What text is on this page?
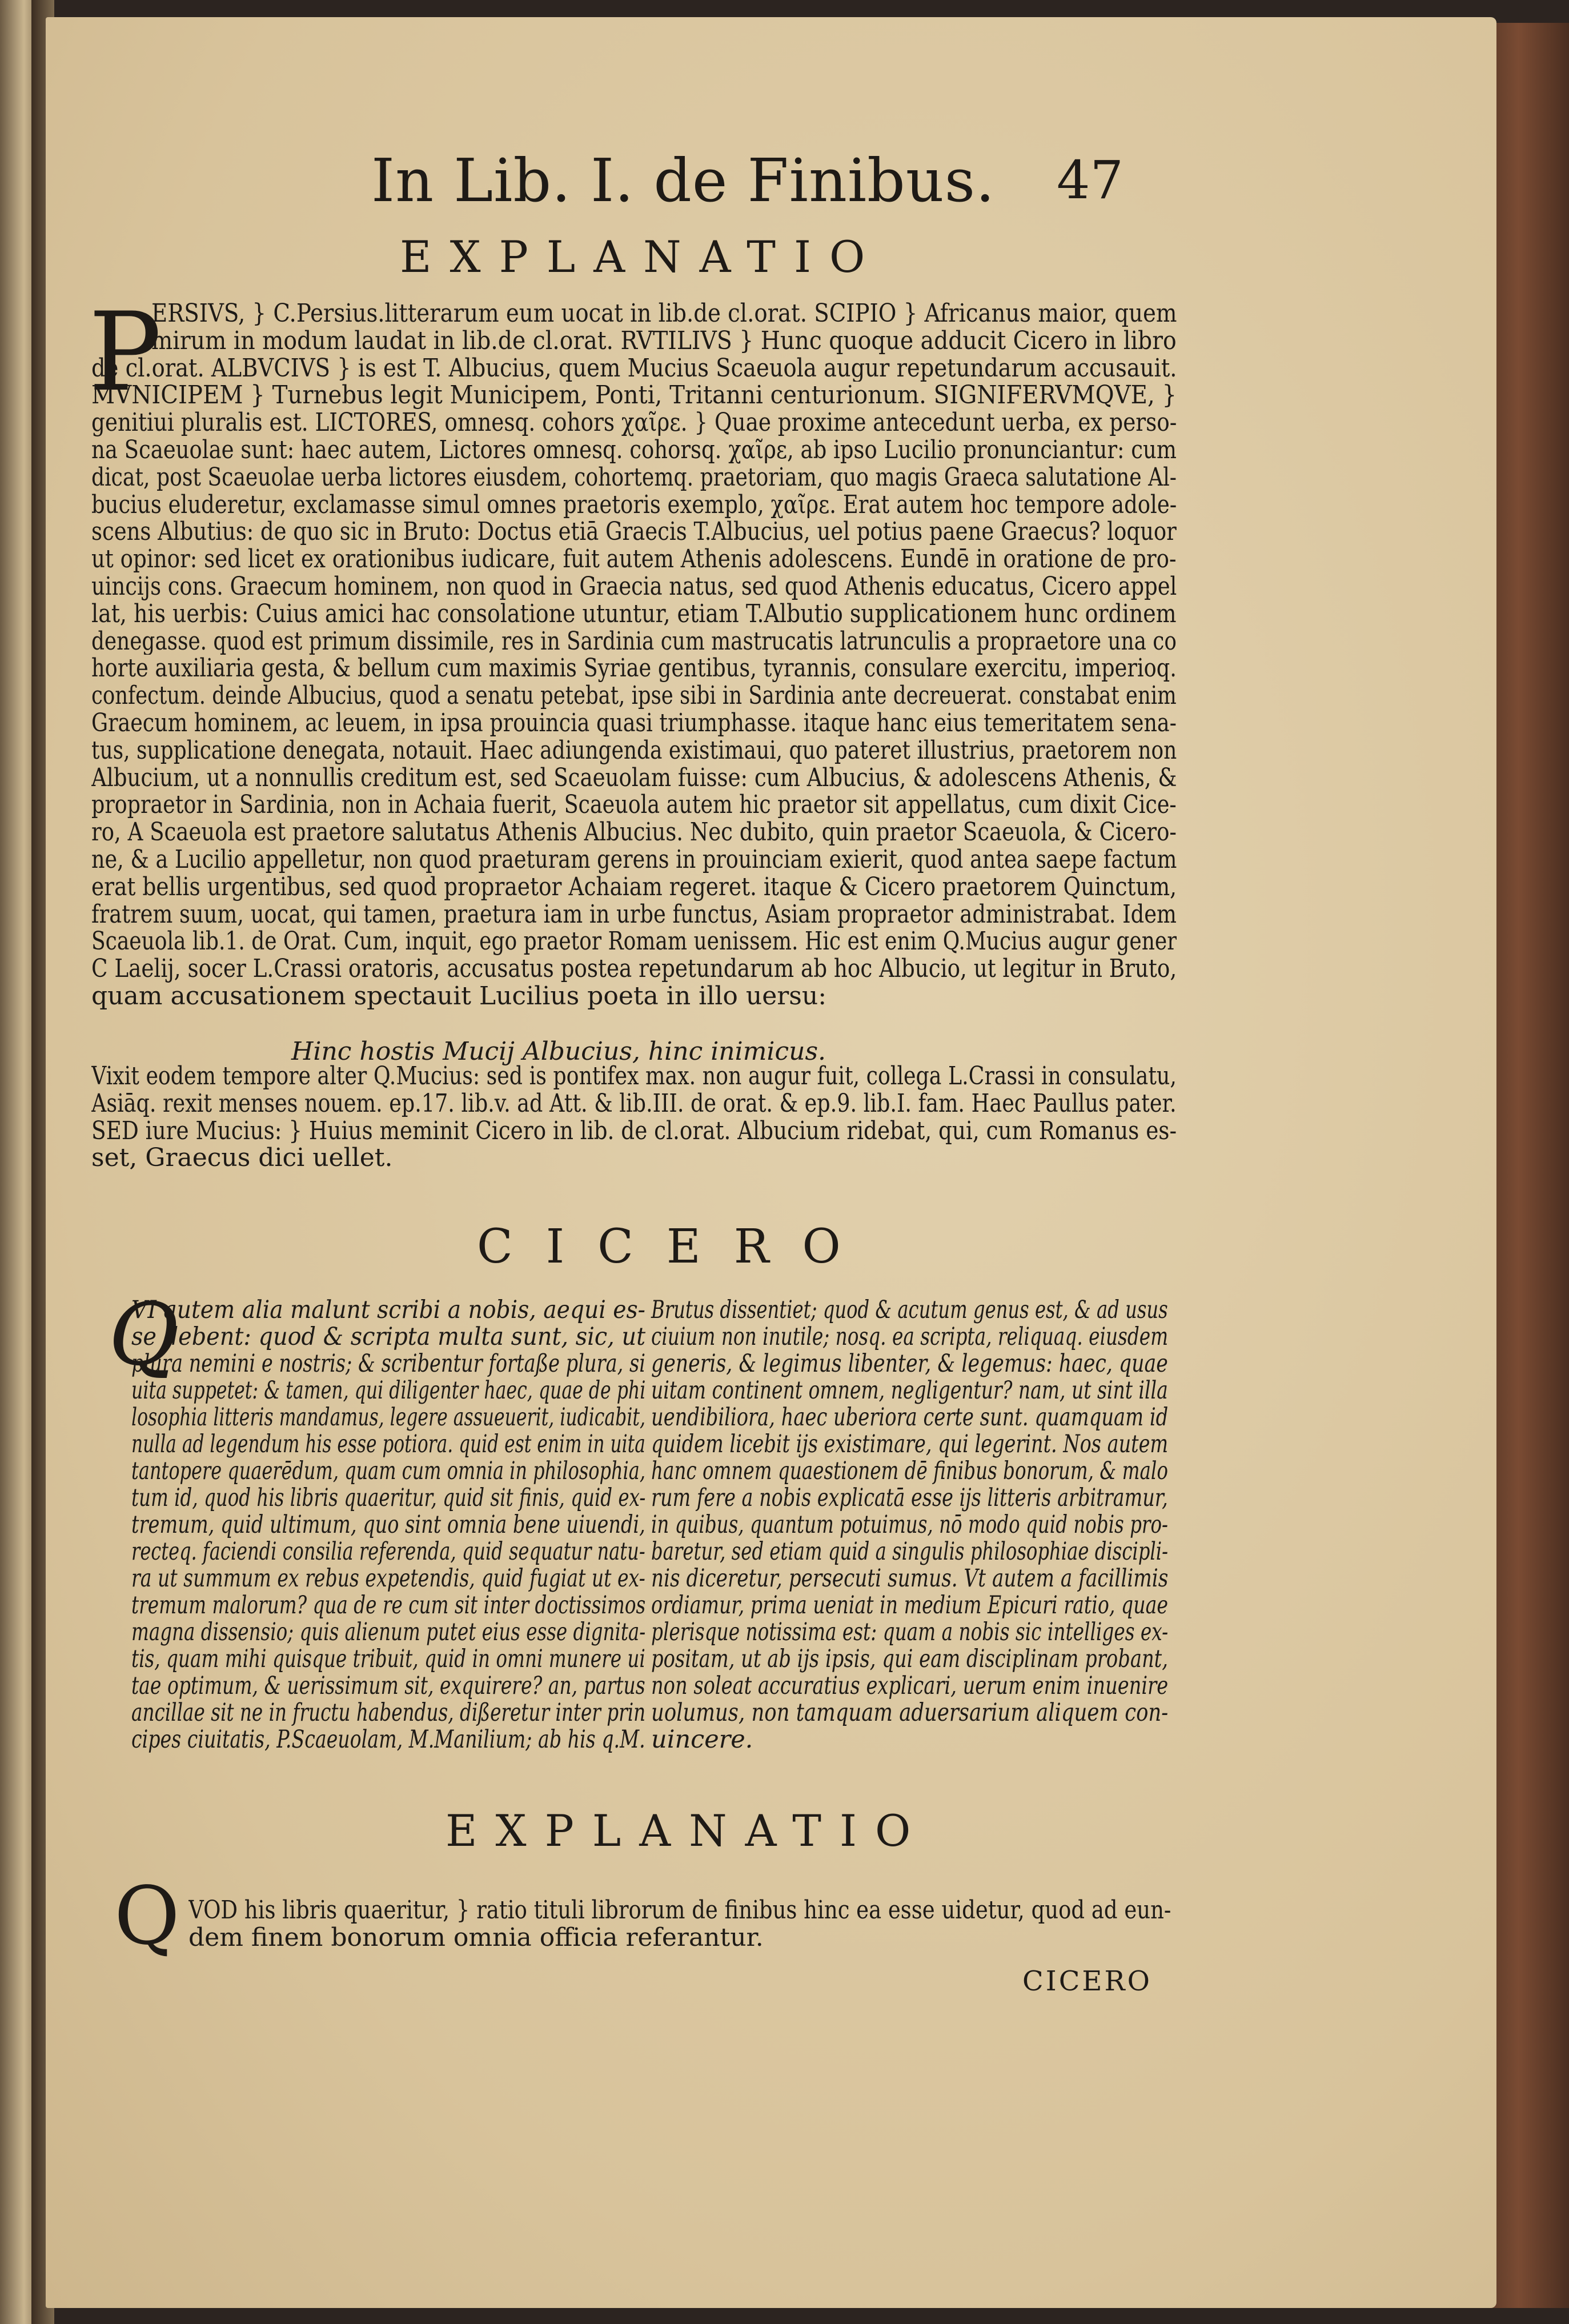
In Lib. I. de Finibus. 47
EXPLANATIO
P
ERSIVS, } C.Persius.litterarum eum uocat in lib.de cl.orat. SCIPIO } Africanus maior, quem
mirum in modum laudat in lib.de cl.orat. RVTILIVS } Hunc quoque adducit Cicero in libro
de cl.orat. ALBVCIVS } is est T. Albucius, quem Mucius Scaeuola augur repetundarum accusauit.
MVNICIPEM } Turnebus legit Municipem, Ponti, Tritanni centurionum. SIGNIFERVMQVE, }
genitiui pluralis est. LICTORES, omnesq. cohors χαῖρε. } Quae proxime antecedunt uerba, ex perso-
na Scaeuolae sunt: haec autem, Lictores omnesq. cohorsq. χαῖρε, ab ipso Lucilio pronunciantur: cum
dicat, post Scaeuolae uerba lictores eiusdem, cohortemq. praetoriam, quo magis Graeca salutatione Al-
bucius eluderetur, exclamasse simul omnes praetoris exemplo, χαῖρε. Erat autem hoc tempore adole-
scens Albutius: de quo sic in Bruto: Doctus etiā Graecis T.Albucius, uel potius paene Graecus? loquor
ut opinor: sed licet ex orationibus iudicare, fuit autem Athenis adolescens. Eundē in oratione de pro-
uincijs cons. Graecum hominem, non quod in Graecia natus, sed quod Athenis educatus, Cicero appel
lat, his uerbis: Cuius amici hac consolatione utuntur, etiam T.Albutio supplicationem hunc ordinem
denegasse. quod est primum dissimile, res in Sardinia cum mastrucatis latrunculis a propraetore una co
horte auxiliaria gesta, & bellum cum maximis Syriae gentibus, tyrannis, consulare exercitu, imperioq.
confectum. deinde Albucius, quod a senatu petebat, ipse sibi in Sardinia ante decreuerat. constabat enim
Graecum hominem, ac leuem, in ipsa prouincia quasi triumphasse. itaque hanc eius temeritatem sena-
tus, supplicatione denegata, notauit. Haec adiungenda existimaui, quo pateret illustrius, praetorem non
Albucium, ut a nonnullis creditum est, sed Scaeuolam fuisse: cum Albucius, & adolescens Athenis, &
propraetor in Sardinia, non in Achaia fuerit, Scaeuola autem hic praetor sit appellatus, cum dixit Cice-
ro, A Scaeuola est praetore salutatus Athenis Albucius. Nec dubito, quin praetor Scaeuola, & Cicero-
ne, & a Lucilio appelletur, non quod praeturam gerens in prouinciam exierit, quod antea saepe factum
erat bellis urgentibus, sed quod propraetor Achaiam regeret. itaque & Cicero praetorem Quinctum,
fratrem suum, uocat, qui tamen, praetura iam in urbe functus, Asiam propraetor administrabat. Idem
Scaeuola lib.1. de Orat. Cum, inquit, ego praetor Romam uenissem. Hic est enim Q.Mucius augur gener
C Laelij, socer L.Crassi oratoris, accusatus postea repetundarum ab hoc Albucio, ut legitur in Bruto,
quam accusationem spectauit Lucilius poeta in illo uersu:
Hinc hostis Mucij Albucius, hinc inimicus.
Vixit eodem tempore alter Q.Mucius: sed is pontifex max. non augur fuit, collega L.Crassi in consulatu,
Asiāq. rexit menses nouem. ep.17. lib.v. ad Att. & lib.III. de orat. & ep.9. lib.I. fam. Haec Paullus pater.
SED iure Mucius: } Huius meminit Cicero in lib. de cl.orat. Albucium ridebat, qui, cum Romanus es-
set, Graecus dici uellet.
CICERO
Q
VI autem alia malunt scribi a nobis, aequi es-
se debent: quod & scripta multa sunt, sic, ut
plura nemini e nostris; & scribentur fortaße plura, si
uita suppetet: & tamen, qui diligenter haec, quae de phi
losophia litteris mandamus, legere assueuerit, iudicabit,
nulla ad legendum his esse potiora. quid est enim in uita
tantopere quaerēdum, quam cum omnia in philosophia,
tum id, quod his libris quaeritur, quid sit finis, quid ex-
tremum, quid ultimum, quo sint omnia bene uiuendi,
recteq. faciendi consilia referenda, quid sequatur natu-
ra ut summum ex rebus expetendis, quid fugiat ut ex-
tremum malorum? qua de re cum sit inter doctissimos
magna dissensio; quis alienum putet eius esse dignita-
tis, quam mihi quisque tribuit, quid in omni munere ui
tae optimum, & uerissimum sit, exquirere? an, partus
ancillae sit ne in fructu habendus, dißeretur inter prin
cipes ciuitatis, P.Scaeuolam, M.Manilium; ab his q.M.
Brutus dissentiet; quod & acutum genus est, & ad usus
ciuium non inutile; nosq. ea scripta, reliquaq. eiusdem
generis, & legimus libenter, & legemus: haec, quae
uitam continent omnem, negligentur? nam, ut sint illa
uendibiliora, haec uberiora certe sunt. quamquam id
quidem licebit ijs existimare, qui legerint. Nos autem
hanc omnem quaestionem dē finibus bonorum, & malo
rum fere a nobis explicatā esse ijs litteris arbitramur,
in quibus, quantum potuimus, nō modo quid nobis pro-
baretur, sed etiam quid a singulis philosophiae discipli-
nis diceretur, persecuti sumus. Vt autem a facillimis
ordiamur, prima ueniat in medium Epicuri ratio, quae
plerisque notissima est: quam a nobis sic intelliges ex-
positam, ut ab ijs ipsis, qui eam disciplinam probant,
non soleat accuratius explicari, uerum enim inuenire
uolumus, non tamquam aduersarium aliquem con-
uincere.
EXPLANATIO
Q VOD his libris quaeritur, } ratio tituli librorum de finibus hinc ea esse uidetur, quod ad eun-
dem finem bonorum omnia officia referantur.
CICERO
